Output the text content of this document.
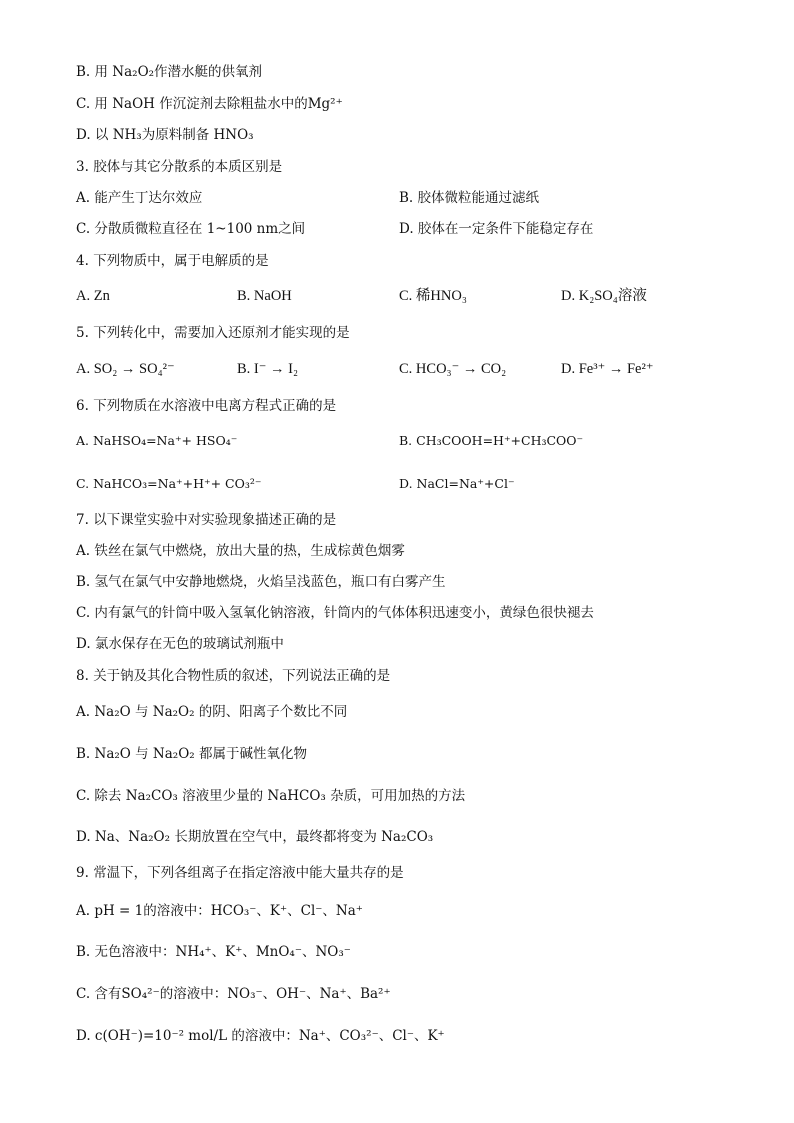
B. 用 Na₂O₂作潜水艇的供氧剂
C. 用 NaOH 作沉淀剂去除粗盐水中的Mg²⁺
D. 以 NH₃为原料制备 HNO₃
3. 胶体与其它分散系的本质区别是
A. 能产生丁达尔效应	B. 胶体微粒能通过滤纸
C. 分散质微粒直径在 1~100 nm之间	D. 胶体在一定条件下能稳定存在
4. 下列物质中，属于电解质的是
A. Zn	B. NaOH	C. 稀HNO₃	D. K₂SO₄溶液
5. 下列转化中，需要加入还原剂才能实现的是
A. SO₂ → SO₄²⁻	B. I⁻ → I₂	C. HCO₃⁻ → CO₂	D. Fe³⁺ → Fe²⁺
6. 下列物质在水溶液中电离方程式正确的是
A. NaHSO₄=Na⁺+ HSO₄⁻	B. CH₃COOH=H⁺+CH₃COO⁻
C. NaHCO₃=Na⁺+H⁺+ CO₃²⁻	D. NaCl=Na⁺+Cl⁻
7. 以下课堂实验中对实验现象描述正确的是
A. 铁丝在氯气中燃烧，放出大量的热，生成棕黄色烟雾
B. 氢气在氯气中安静地燃烧，火焰呈浅蓝色，瓶口有白雾产生
C. 内有氯气的针筒中吸入氢氧化钠溶液，针筒内的气体体积迅速变小，黄绿色很快褪去
D. 氯水保存在无色的玻璃试剂瓶中
8. 关于钠及其化合物性质的叙述，下列说法正确的是
A. Na₂O 与 Na₂O₂ 的阴、阳离子个数比不同
B. Na₂O 与 Na₂O₂ 都属于碱性氧化物
C. 除去 Na₂CO₃ 溶液里少量的 NaHCO₃ 杂质，可用加热的方法
D. Na、Na₂O₂ 长期放置在空气中，最终都将变为 Na₂CO₃
9. 常温下，下列各组离子在指定溶液中能大量共存的是
A. pH = 1的溶液中：HCO₃⁻、K⁺、Cl⁻、Na⁺
B. 无色溶液中：NH₄⁺、K⁺、MnO₄⁻、NO₃⁻
C. 含有SO₄²⁻的溶液中：NO₃⁻、OH⁻、Na⁺、Ba²⁺
D. c(OH⁻)=10⁻² mol/L 的溶液中：Na⁺、CO₃²⁻、Cl⁻、K⁺
